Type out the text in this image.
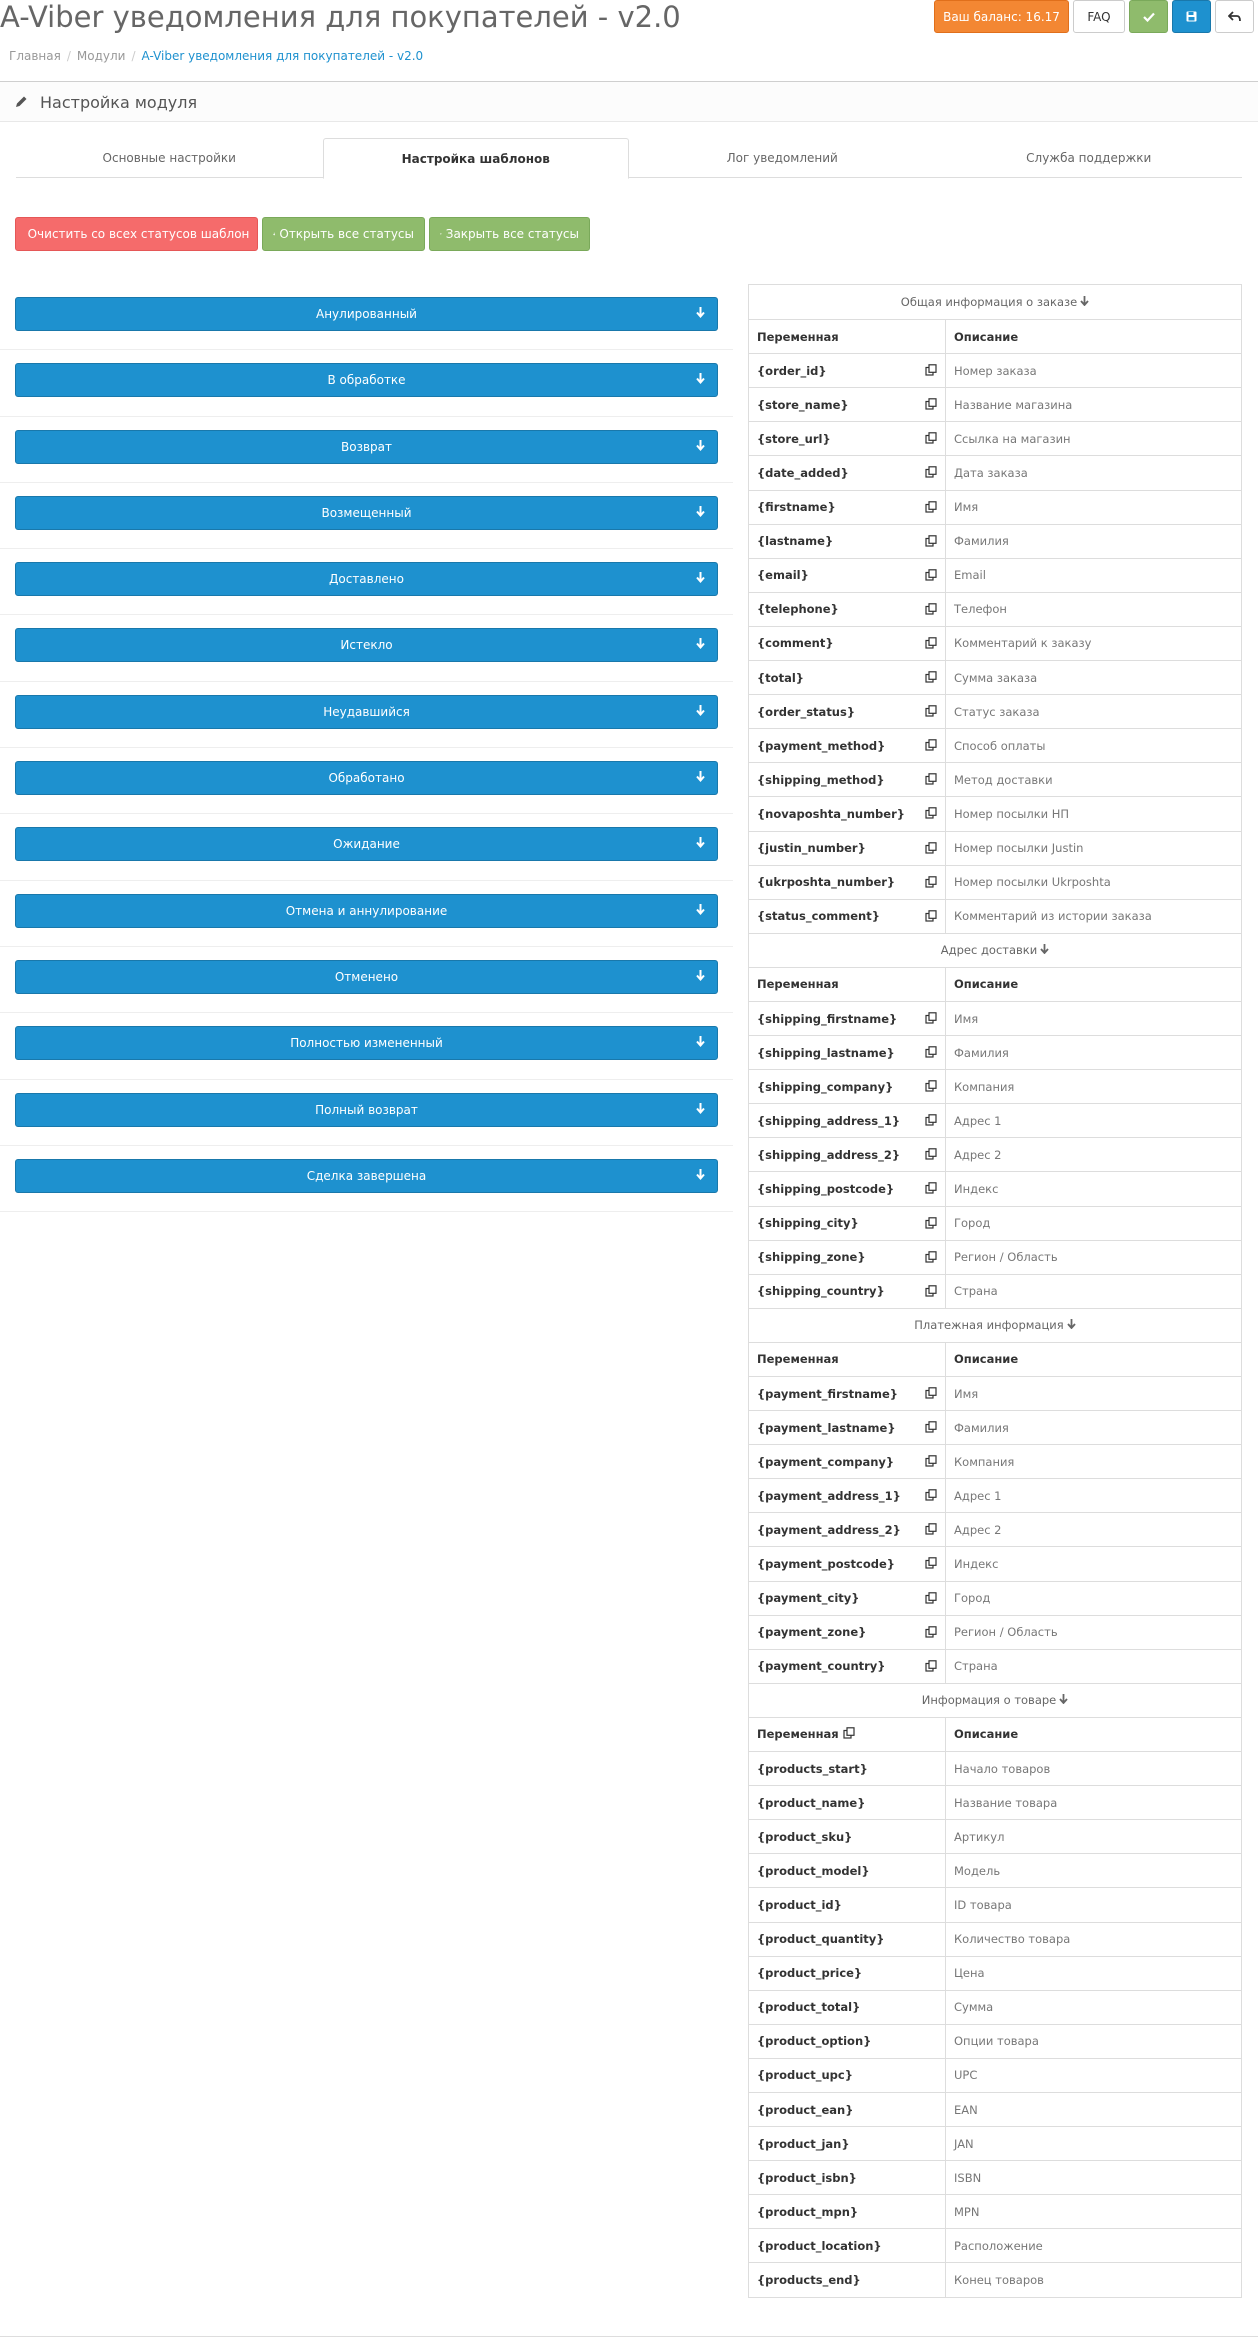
A-Viber уведомления для покупателей - v2.0
Главная / Модули / A-Viber уведомления для покупателей - v2.0
Ваш баланс: 16.17	FAQ
Настройка модуля
Основные настройки	Настройка шаблонов	Лог уведомлений	Служба поддержки
Очистить со всех статусов шаблон Открыть все статусы	Закрыть все статусы
Анулированный
В обработке
Возврат
Возмещенный
Доставлено
Истекло
Неудавшийся
Обработано
Ожидание
Отмена и аннулирование
Отменено
Полностью измененный
Полный возврат
Сделка завершена
Общая информация о заказе
Переменная	Описание
{order_id}	Номер заказа
{store_name}	Название магазина
{store_url}	Ссылка на магазин
{date_added}	Дата заказа
{firstname}	Имя
{lastname}	Фамилия
{email}	Email
{telephone}	Телефон
{comment}	Комментарий к заказу
{total}	Сумма заказа
{order_status}	Статус заказа
{payment_method}	Способ оплаты
{shipping_method}	Метод доставки
{novaposhta_number}	Номер посылки НП
{justin_number}	Номер посылки Justin
{ukrposhta_number}	Номер посылки Ukrposhta
{status_comment}	Комментарий из истории заказа
Адрес доставки
Переменная	Описание
{shipping_firstname}	Имя
{shipping_lastname}	Фамилия
{shipping_company}	Компания
{shipping_address_1}	Адрес 1
{shipping_address_2}	Адрес 2
{shipping_postcode}	Индекс
{shipping_city}	Город
{shipping_zone}	Регион / Область
{shipping_country}	Страна
Платежная информация
Переменная	Описание
{payment_firstname}	Имя
{payment_lastname}	Фамилия
{payment_company}	Компания
{payment_address_1}	Адрес 1
{payment_address_2}	Адрес 2
{payment_postcode}	Индекс
{payment_city}	Город
{payment_zone}	Регион / Область
{payment_country}	Страна
Информация о товаре
Переменная	Описание
{products_start}	Начало товаров
{product_name}	Название товара
{product_sku}	Артикул
{product_model}	Модель
{product_id}	ID товара
{product_quantity}	Количество товара
{product_price}	Цена
{product_total}	Сумма
{product_option}	Опции товара
{product_upc}	UPC
{product_ean}	EAN
{product_jan}	JAN
{product_isbn}	ISBN
{product_mpn}	MPN
{product_location}	Расположение
{products_end}	Конец товаров
